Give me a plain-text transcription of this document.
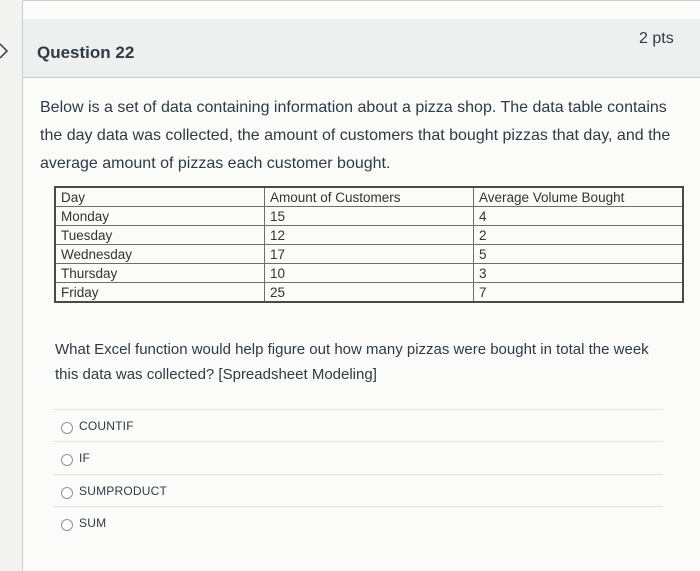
Question 22
2 pts
Below is a set of data containing information about a pizza shop. The data table contains the day data was collected, the amount of customers that bought pizzas that day, and the average amount of pizzas each customer bought.
Day	Amount of Customers	Average Volume Bought
Monday	15	4
Tuesday	12	2
Wednesday	17	5
Thursday	10	3
Friday	25	7
What Excel function would help figure out how many pizzas were bought in total the week this data was collected? [Spreadsheet Modeling]
COUNTIF
IF
SUMPRODUCT
SUM
